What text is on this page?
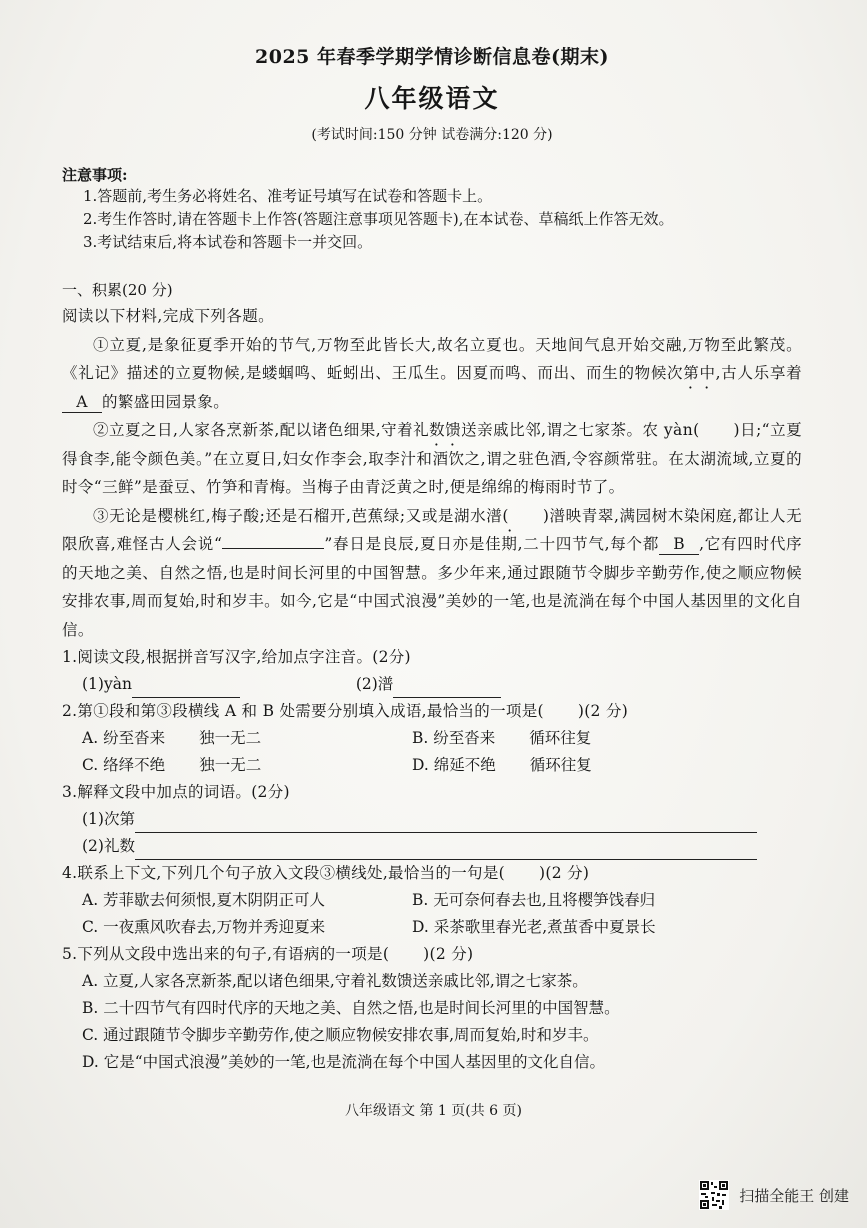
2025 年春季学期学情诊断信息卷(期末)
八年级语文
(考试时间:150 分钟 试卷满分:120 分)
注意事项:
1.答题前,考生务必将姓名、准考证号填写在试卷和答题卡上。
2.考生作答时,请在答题卡上作答(答题注意事项见答题卡),在本试卷、草稿纸上作答无效。
3.考试结束后,将本试卷和答题卡一并交回。
一、积累(20 分)
阅读以下材料,完成下列各题。
①立夏,是象征夏季开始的节气,万物至此皆长大,故名立夏也。天地间气息开始交融,万物至此繁茂。《礼记》描述的立夏物候,是蝼蝈鸣、蚯蚓出、王瓜生。因夏而鸣、而出、而生的物候次第中,古人乐享着A 的繁盛田园景象。
②立夏之日,人家各烹新茶,配以诸色细果,守着礼数馈送亲戚比邻,谓之七家茶。农 yàn( )日;“立夏得食李,能令颜色美。”在立夏日,妇女作李会,取李汁和酒饮之,谓之驻色酒,令容颜常驻。在太湖流域,立夏的时令“三鲜”是蚕豆、竹笋和青梅。当梅子由青泛黄之时,便是绵绵的梅雨时节了。
③无论是樱桃红,梅子酸;还是石榴开,芭蕉绿;又或是湖水潽( )潽映青翠,满园树木染闲庭,都让人无限欣喜,难怪古人会说“	”春日是良辰,夏日亦是佳期,二十四节气,每个都 B ,它有四时代序的天地之美、自然之悟,也是时间长河里的中国智慧。多少年来,通过跟随节令脚步辛勤劳作,使之顺应物候安排农事,周而复始,时和岁丰。如今,它是“中国式浪漫”美妙的一笔,也是流淌在每个中国人基因里的文化自信。
1.阅读文段,根据拼音写汉字,给加点字注音。(2分)
(1)yàn	(2)潽
2.第①段和第③段横线 A 和 B 处需要分别填入成语,最恰当的一项是( )(2 分)
A. 纷至沓来 独一无二	B. 纷至沓来 循环往复
C. 络绎不绝 独一无二	D. 绵延不绝 循环往复
3.解释文段中加点的词语。(2分)
(1)次第
(2)礼数
4.联系上下文,下列几个句子放入文段③横线处,最恰当的一句是( )(2 分)
A. 芳菲歇去何须恨,夏木阴阴正可人	B. 无可奈何春去也,且将樱笋饯春归
C. 一夜熏风吹春去,万物并秀迎夏来	D. 采茶歌里春光老,煮茧香中夏景长
5.下列从文段中选出来的句子,有语病的一项是( )(2 分)
A. 立夏,人家各烹新茶,配以诸色细果,守着礼数馈送亲戚比邻,谓之七家茶。
B. 二十四节气有四时代序的天地之美、自然之悟,也是时间长河里的中国智慧。
C. 通过跟随节令脚步辛勤劳作,使之顺应物候安排农事,周而复始,时和岁丰。
D. 它是“中国式浪漫”美妙的一笔,也是流淌在每个中国人基因里的文化自信。
八年级语文 第 1 页(共 6 页)
扫描全能王 创建
